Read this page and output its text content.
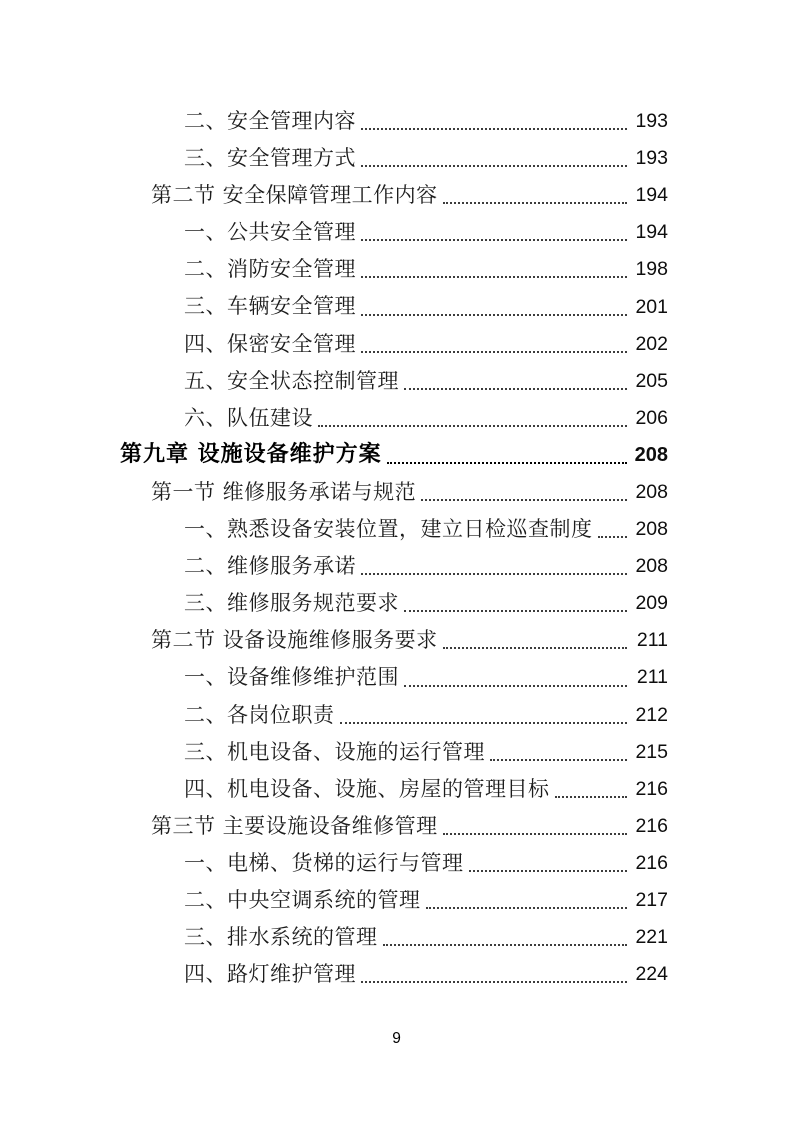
二、安全管理内容	193
三、安全管理方式	193
第二节 安全保障管理工作内容	194
一、公共安全管理	194
二、消防安全管理	198
三、车辆安全管理	201
四、保密安全管理	202
五、安全状态控制管理	205
六、队伍建设	206
第九章 设施设备维护方案	208
第一节 维修服务承诺与规范	208
一、熟悉设备安装位置，建立日检巡查制度 208
二、维修服务承诺	208
三、维修服务规范要求	209
第二节 设备设施维修服务要求	211
一、设备维修维护范围	211
二、各岗位职责	212
三、机电设备、设施的运行管理	215
四、机电设备、设施、房屋的管理目标	216
第三节 主要设施设备维修管理	216
一、电梯、货梯的运行与管理	216
二、中央空调系统的管理	217
三、排水系统的管理	221
四、路灯维护管理	224
9
